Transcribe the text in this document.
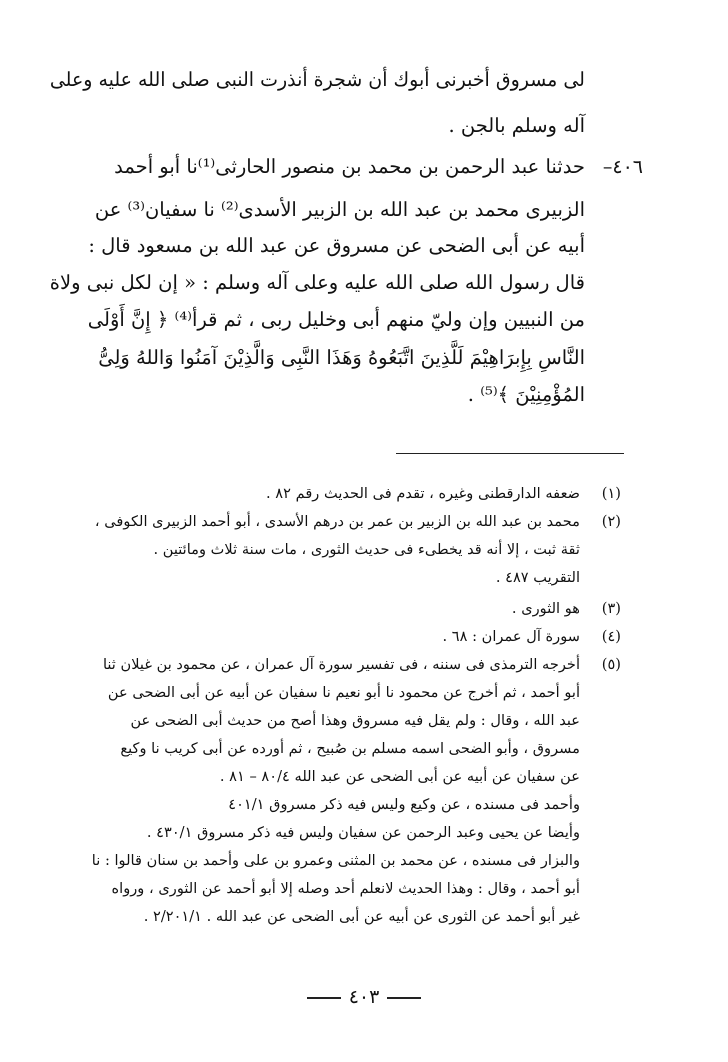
لى مسروق أخبرنى أبوك أن شجرة أنذرت النبى صلى الله عليه وعلى
آله وسلم بالجن .
٤٠٦–
حدثنا عبد الرحمن بن محمد بن منصور الحارثى⁽¹⁾نا أبو أحمد
الزبيرى محمد بن عبد الله بن الزبير الأسدى⁽²⁾ نا سفيان⁽³⁾ عن
أبيه عن أبى الضحى عن مسروق عن عبد الله بن مسعود قال :
قال رسول الله صلى الله عليه وعلى آله وسلم : « إن لكل نبى ولاة
من النبيين وإن وليّ منهم أبى وخليل ربى ، ثم قرأ⁽⁴⁾ ﴿ إِنَّ أَوْلَى
النَّاسِ بِإِبرَاهِيْمَ لَلَّذِينَ اتَّبَعُوهُ وَهَذَا النَّبِى وَالَّذِيْنَ آمَنُوا وَاللهُ وَلِىُّ
المُؤْمِنِيْنَ ﴾⁽⁵⁾ .
(١)
ضعفه الدارقطنى وغيره ، تقدم فى الحديث رقم ٨٢ .
(٢)
محمد بن عبد الله بن الزبير بن عمر بن درهم الأسدى ، أبو أحمد الزبيرى الكوفى ،
ثقة ثبت ، إلا أنه قد يخطىء فى حديث الثورى ، مات سنة ثلاث ومائتين .
التقريب ٤٨٧ .
(٣)
هو الثورى .
(٤)
سورة آل عمران : ٦٨ .
(٥)
أخرجه الترمذى فى سننه ، فى تفسير سورة آل عمران ، عن محمود بن غيلان ثنا
أبو أحمد ، ثم أخرج عن محمود نا أبو نعيم نا سفيان عن أبيه عن أبى الضحى عن
عبد الله ، وقال : ولم يقل فيه مسروق وهذا أصح من حديث أبى الضحى عن
مسروق ، وأبو الضحى اسمه مسلم بن صُبيح ، ثم أورده عن أبى كريب نا وكيع
عن سفيان عن أبيه عن أبى الضحى عن عبد الله ٨٠/٤ – ٨١ .
وأحمد فى مسنده ، عن وكيع وليس فيه ذكر مسروق ٤٠١/١
وأيضا عن يحيى وعبد الرحمن عن سفيان وليس فيه ذكر مسروق ٤٣٠/١ .
والبزار فى مسنده ، عن محمد بن المثنى وعمرو بن على وأحمد بن سنان قالوا : نا
أبو أحمد ، وقال : وهذا الحديث لانعلم أحد وصله إلا أبو أحمد عن الثورى ، ورواه
غير أبو أحمد عن الثورى عن أبيه عن أبى الضحى عن عبد الله . ٢/٢٠١/١ .
٤٠٣
